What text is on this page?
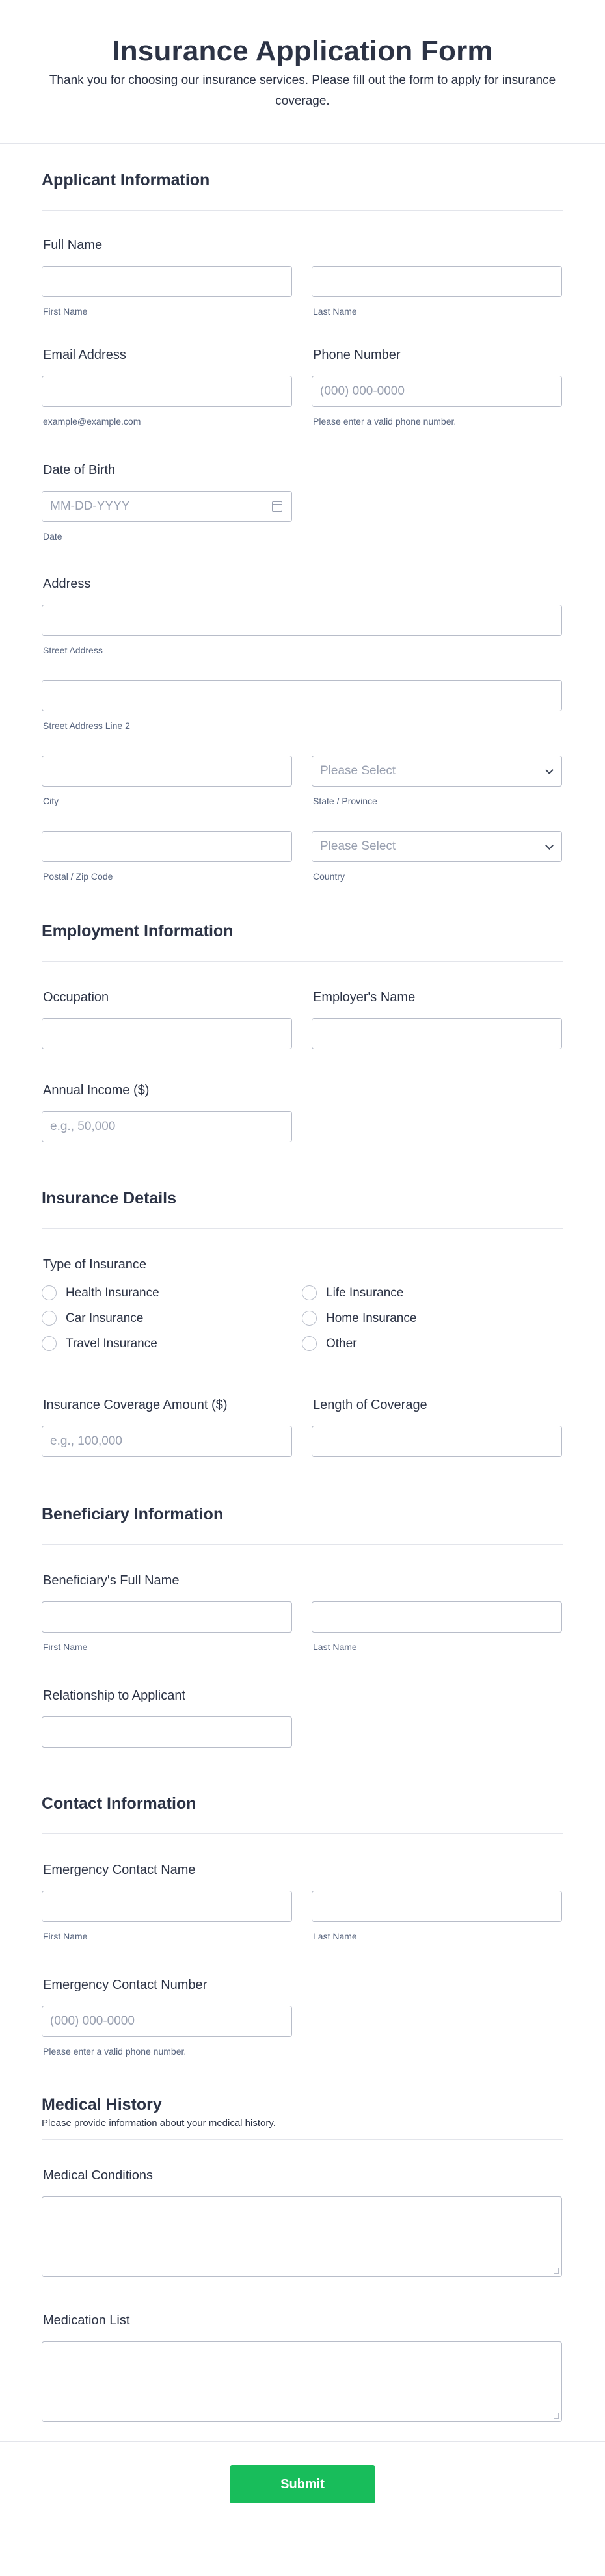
Insurance Application Form

Thank you for choosing our insurance services. Please fill out the form to apply for insurance coverage.

Applicant Information
Full Name
First Name	Last Name
Email Address
example@example.com
Phone Number
(000) 000-0000
Please enter a valid phone number.
Date of Birth
MM-DD-YYYY
Date
Address
Street Address
Street Address Line 2
City
Please Select
State / Province
Postal / Zip Code
Please Select
Country
Employment Information
Occupation	Employer's Name
Annual Income ($)
e.g., 50,000
Insurance Details
Type of Insurance
Health Insurance	Life Insurance
Car Insurance	Home Insurance
Travel Insurance	Other
Insurance Coverage Amount ($)
e.g., 100,000
Length of Coverage
Beneficiary Information
Beneficiary's Full Name
First Name	Last Name
Relationship to Applicant
Contact Information
Emergency Contact Name
First Name	Last Name
Emergency Contact Number
(000) 000-0000
Please enter a valid phone number.
Medical History
Please provide information about your medical history.
Medical Conditions
Medication List
Submit
